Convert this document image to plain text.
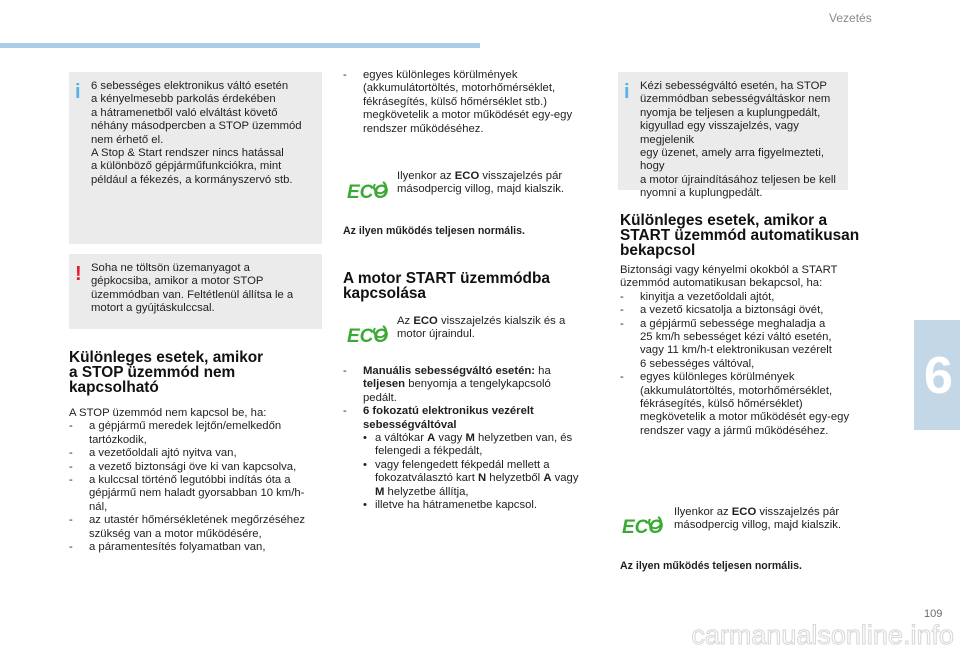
Vezetés
6
109
i 6 sebességes elektronikus váltó esetén

a kényelmesebb parkolás érdekében

a hátramenetből való elváltást követő

néhány másodpercben a STOP üzemmód

nem érhető el.

A Stop & Start rendszer nincs hatással

a különböző gépjárműfunkciókra, mint

például a fékezés, a kormányszervó stb.

! Soha ne töltsön üzemanyagot a

gépkocsiba, amikor a motor STOP

üzemmódban van. Feltétlenül állítsa le a

motort a gyújtáskulccsal.

Különleges esetek, amikor
a STOP üzemmód nem
kapcsolható

A STOP üzemmód nem kapcsol be, ha:

- a gépjármű meredek lejtőn/emelkedőn
tartózkodik,
- a vezetőoldali ajtó nyitva van,
- a vezető biztonsági öve ki van kapcsolva,
- a kulccsal történő legutóbbi indítás óta a
gépjármű nem haladt gyorsabban 10 km/h-
nál,
- az utastér hőmérsékletének megőrzéséhez
szükség van a motor működésére,
- a páramentesítés folyamatban van,
- egyes különleges körülmények
(akkumulátortöltés, motorhőmérséklet,
fékrásegítés, külső hőmérséklet stb.)
megkövetelik a motor működését egy-egy
rendszer működéséhez.
ECO
Ilyenkor az ECO visszajelzés pár
másodpercig villog, majd kialszik.
Az ilyen működés teljesen normális.
A motor START üzemmódba
kapcsolása
ECO
Az ECO visszajelzés kialszik és a
motor újraindul.
- Manuális sebességváltó esetén: ha
teljesen benyomja a tengelykapcsoló
pedált.
- 6 fokozatú elektronikus vezérelt
sebességváltóval
• a váltókar A vagy M helyzetben van, és
felengedi a fékpedált,
• vagy felengedett fékpedál mellett a
fokozatválasztó kart N helyzetből A vagy
M helyzetbe állítja,
• illetve ha hátramenetbe kapcsol.
i Kézi sebességváltó esetén, ha STOP

üzemmódban sebességváltáskor nem

nyomja be teljesen a kuplungpedált,

kigyullad egy visszajelzés, vagy megjelenik

egy üzenet, amely arra figyelmezteti, hogy

a motor újraindításához teljesen be kell

nyomni a kuplungpedált.

Különleges esetek, amikor a
START üzemmód automatikusan
bekapcsol

Biztonsági vagy kényelmi okokból a START

üzemmód automatikusan bekapcsol, ha:

- kinyitja a vezetőoldali ajtót,
- a vezető kicsatolja a biztonsági övét,
- a gépjármű sebessége meghaladja a
25 km/h sebességet kézi váltó esetén,
vagy 11 km/h-t elektronikusan vezérelt
6 sebességes váltóval,
- egyes különleges körülmények
(akkumulátortöltés, motorhőmérséklet,
fékrásegítés, külső hőmérséklet)
megkövetelik a motor működését egy-egy
rendszer vagy a jármű működéséhez.
ECO
Ilyenkor az ECO visszajelzés pár
másodpercig villog, majd kialszik.
Az ilyen működés teljesen normális.
carmanualsonline.info
